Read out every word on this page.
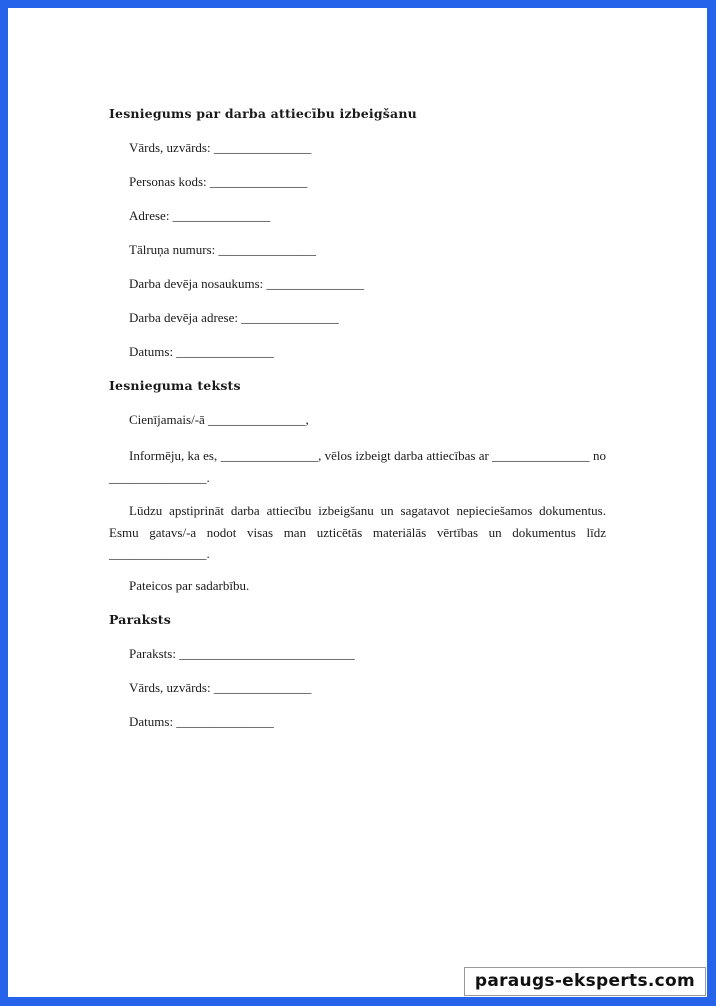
Iesniegums par darba attiecību izbeigšanu

Vārds, uzvārds: _______________

Personas kods: _______________

Adrese: _______________

Tālruņa numurs: _______________

Darba devēja nosaukums: _______________

Darba devēja adrese: _______________

Datums: _______________

Iesnieguma teksts

Cienījamais/-ā _______________,

Informēju, ka es, _______________, vēlos izbeigt darba attiecības ar _______________ no _______________.

Lūdzu apstiprināt darba attiecību izbeigšanu un sagatavot nepieciešamos dokumentus. Esmu gatavs/-a nodot visas man uzticētās materiālās vērtības un dokumentus līdz _______________.

Pateicos par sadarbību.

Paraksts

Paraksts: ___________________________

Vārds, uzvārds: _______________

Datums: _______________

paraugs-eksperts.com
